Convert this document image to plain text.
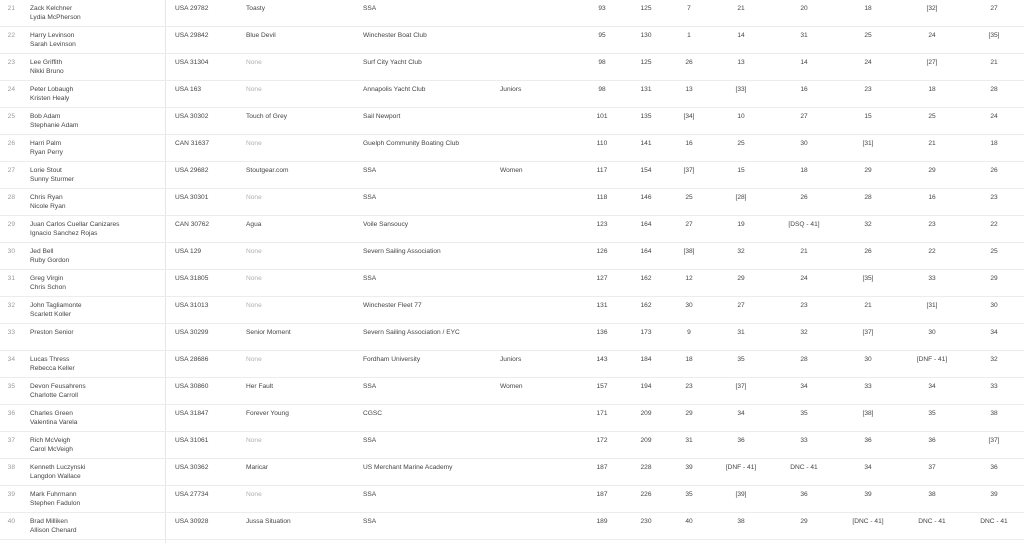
21 Zack Kelchner
Lydia McPherson
USA 29782	Toasty	SSA	93	125	7	21	20	18	[32]	27
22 Harry Levinson
Sarah Levinson
USA 29842	Blue Devil	Winchester Boat Club	95	130	1	14	31	25	24	[35]
23 Lee Griffith
Nikki Bruno
USA 31304	None	Surf City Yacht Club	98	125	26	13	14	24	[27]	21
24 Peter Lobaugh
Kristen Healy
USA 163	None	Annapolis Yacht Club	Juniors	98	131	13	[33]	16	23	18	28
25 Bob Adam
Stephanie Adam
USA 30302	Touch of Grey	Sail Newport	101	135	[34]	10	27	15	25	24
26 Harri Palm
Ryan Perry
CAN 31637	None	Guelph Community Boating Club	110	141	16	25	30	[31]	21	18
27 Lorie Stout
Sunny Sturmer
USA 29682	Stoutgear.com	SSA	Women	117	154	[37]	15	18	29	29	26
28 Chris Ryan
Nicole Ryan
USA 30301	None	SSA	118	146	25	[28]	26	28	16	23
29 Juan Carlos Cuellar Canizares
Ignacio Sanchez Rojas
CAN 30762	Agua	Voile Sansoucy	123	164	27	19	[DSQ - 41]	32	23	22
30 Jed Bell
Ruby Gordon
USA 129	None	Severn Sailing Association	126	164	[38]	32	21	26	22	25
31 Greg Virgin
Chris Schon
USA 31805	None	SSA	127	162	12	29	24	[35]	33	29
32 John Tagliamonte
Scarlett Koller
USA 31013	None	Winchester Fleet 77	131	162	30	27	23	21	[31]	30
33 Preston Senior	USA 30299	Senior Moment	Severn Sailing Association / EYC	136	173	9	31	32	[37]	30	34
34 Lucas Thress
Rebecca Keller
USA 28686	None	Fordham University	Juniors	143	184	18	35	28	30	[DNF - 41]	32
35 Devon Feusahrens
Charlotte Carroll
USA 30860	Her Fault	SSA	Women	157	194	23	[37]	34	33	34	33
36 Charles Green
Valentina Varela
USA 31847	Forever Young	CGSC	171	209	29	34	35	[38]	35	38
37 Rich McVeigh
Carol McVeigh
USA 31061	None	SSA	172	209	31	36	33	36	36	[37]
38 Kenneth Luczynski
Langdon Wallace
USA 30362	Maricar	US Merchant Marine Academy	187	228	39	[DNF - 41]	DNC - 41	34	37	36
39 Mark Fuhrmann
Stephen Fadulon
USA 27734	None	SSA	187	226	35	[39]	36	39	38	39
40 Brad Milliken
Allison Chenard
USA 30928	Jussa Situation	SSA	189	230	40	38	29	[DNC - 41]	DNC - 41	DNC - 41
